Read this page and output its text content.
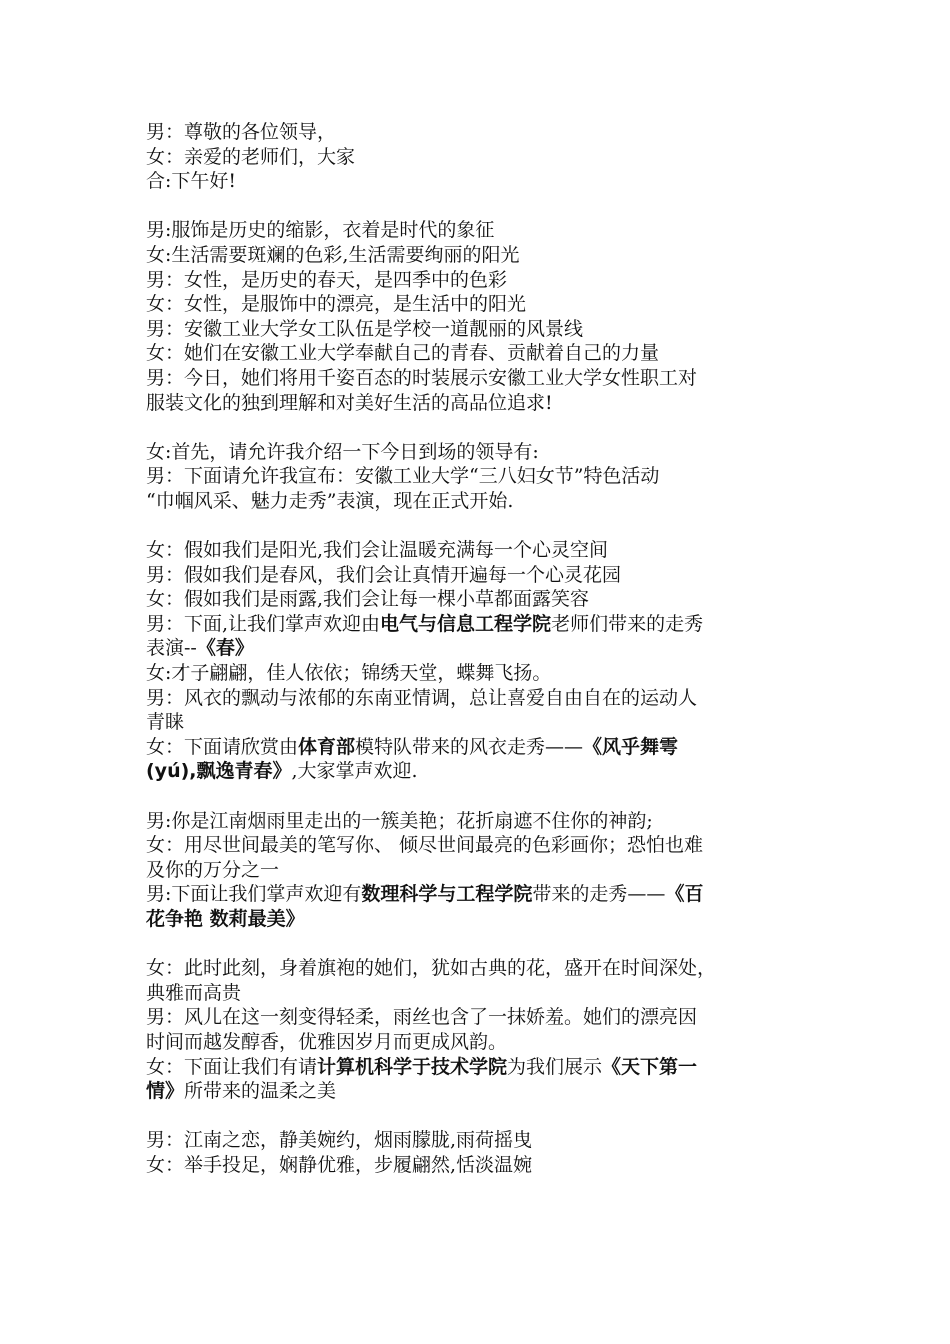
男：尊敬的各位领导，
女：亲爱的老师们，大家
合:下午好!
男:服饰是历史的缩影，衣着是时代的象征
女:生活需要斑斓的色彩,生活需要绚丽的阳光
男：女性，是历史的春天，是四季中的色彩
女：女性，是服饰中的漂亮，是生活中的阳光
男：安徽工业大学女工队伍是学校一道靓丽的风景线
女：她们在安徽工业大学奉献自己的青春、贡献着自己的力量
男：今日，她们将用千姿百态的时装展示安徽工业大学女性职工对
服装文化的独到理解和对美好生活的高品位追求!
女:首先，请允许我介绍一下今日到场的领导有:
男：下面请允许我宣布：安徽工业大学“三八妇女节”特色活动
“巾帼风采、魅力走秀”表演，现在正式开始.
女：假如我们是阳光,我们会让温暖充满每一个心灵空间
男：假如我们是春风，我们会让真情开遍每一个心灵花园
女：假如我们是雨露,我们会让每一棵小草都面露笑容
男：下面,让我们掌声欢迎由电气与信息工程学院老师们带来的走秀
表演--《春》
女:才子翩翩，佳人依依；锦绣天堂，蝶舞飞扬。
男：风衣的飘动与浓郁的东南亚情调，总让喜爱自由自在的运动人
青睐
女：下面请欣赏由体育部模特队带来的风衣走秀——《风乎舞雩
(yú),飘逸青春》,大家掌声欢迎.
男:你是江南烟雨里走出的一簇美艳；花折扇遮不住你的神韵;
女：用尽世间最美的笔写你、 倾尽世间最亮的色彩画你；恐怕也难
及你的万分之一
男:下面让我们掌声欢迎有数理科学与工程学院带来的走秀——《百
花争艳 数莉最美》
女：此时此刻，身着旗袍的她们，犹如古典的花，盛开在时间深处，
典雅而高贵
男：风儿在这一刻变得轻柔，雨丝也含了一抹娇羞。她们的漂亮因
时间而越发醇香，优雅因岁月而更成风韵。
女：下面让我们有请计算机科学于技术学院为我们展示《天下第一
情》所带来的温柔之美
男：江南之恋，静美婉约，烟雨朦胧,雨荷摇曳
女：举手投足，娴静优雅，步履翩然,恬淡温婉
